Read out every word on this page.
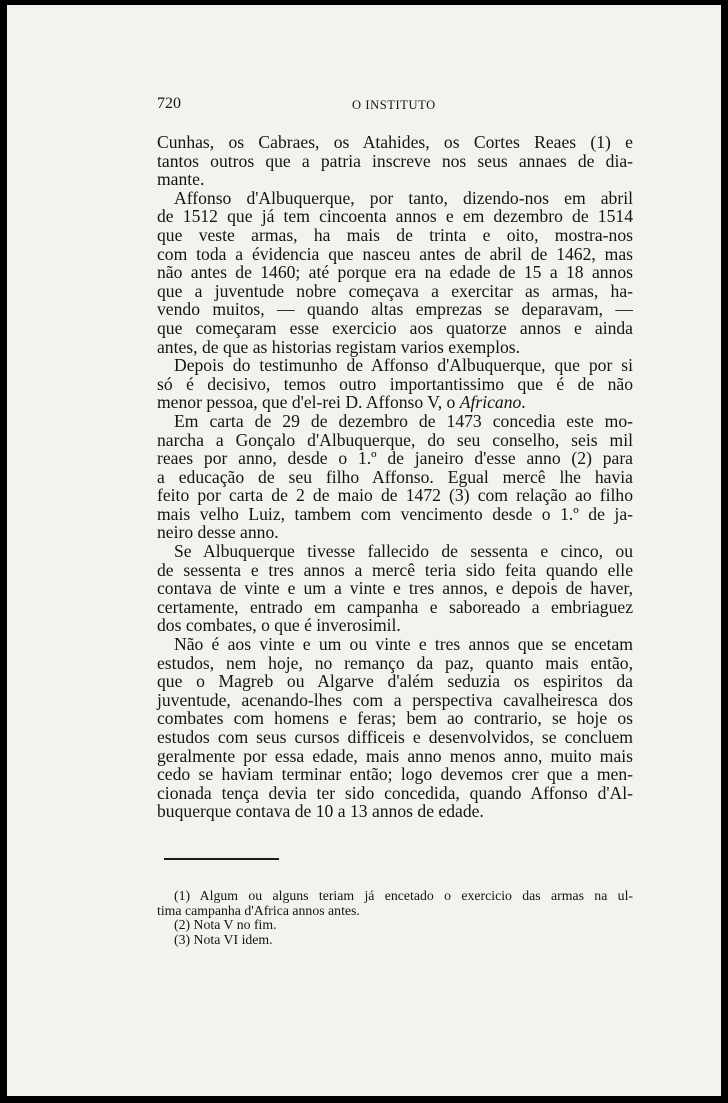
720	O INSTITUTO
Cunhas, os Cabraes, os Atahides, os Cortes Reaes (1) e
tantos outros que a patria inscreve nos seus annaes de dia-
mante.
Affonso d'Albuquerque, por tanto, dizendo-nos em abril
de 1512 que já tem cincoenta annos e em dezembro de 1514
que veste armas, ha mais de trinta e oito, mostra-nos
com toda a évidencia que nasceu antes de abril de 1462, mas
não antes de 1460; até porque era na edade de 15 a 18 annos
que a juventude nobre começava a exercitar as armas, ha-
vendo muitos, — quando altas emprezas se deparavam, —
que começaram esse exercicio aos quatorze annos e ainda
antes, de que as historias registam varios exemplos.
Depois do testimunho de Affonso d'Albuquerque, que por si
só é decisivo, temos outro importantissimo que é de não
menor pessoa, que d'el-rei D. Affonso V, o Africano.
Em carta de 29 de dezembro de 1473 concedia este mo-
narcha a Gonçalo d'Albuquerque, do seu conselho, seis mil
reaes por anno, desde o 1.º de janeiro d'esse anno (2) para
a educação de seu filho Affonso. Egual mercê lhe havia
feito por carta de 2 de maio de 1472 (3) com relação ao filho
mais velho Luiz, tambem com vencimento desde o 1.º de ja-
neiro desse anno.
Se Albuquerque tivesse fallecido de sessenta e cinco, ou
de sessenta e tres annos a mercê teria sido feita quando elle
contava de vinte e um a vinte e tres annos, e depois de haver,
certamente, entrado em campanha e saboreado a embriaguez
dos combates, o que é inverosimil.
Não é aos vinte e um ou vinte e tres annos que se encetam
estudos, nem hoje, no remanço da paz, quanto mais então,
que o Magreb ou Algarve d'além seduzia os espiritos da
juventude, acenando-lhes com a perspectiva cavalheiresca dos
combates com homens e feras; bem ao contrario, se hoje os
estudos com seus cursos difficeis e desenvolvidos, se concluem
geralmente por essa edade, mais anno menos anno, muito mais
cedo se haviam terminar então; logo devemos crer que a men-
cionada tença devia ter sido concedida, quando Affonso d'Al-
buquerque contava de 10 a 13 annos de edade.
(1) Algum ou alguns teriam já encetado o exercicio das armas na ul-
tima campanha d'Africa annos antes.
(2) Nota V no fim.
(3) Nota VI idem.
